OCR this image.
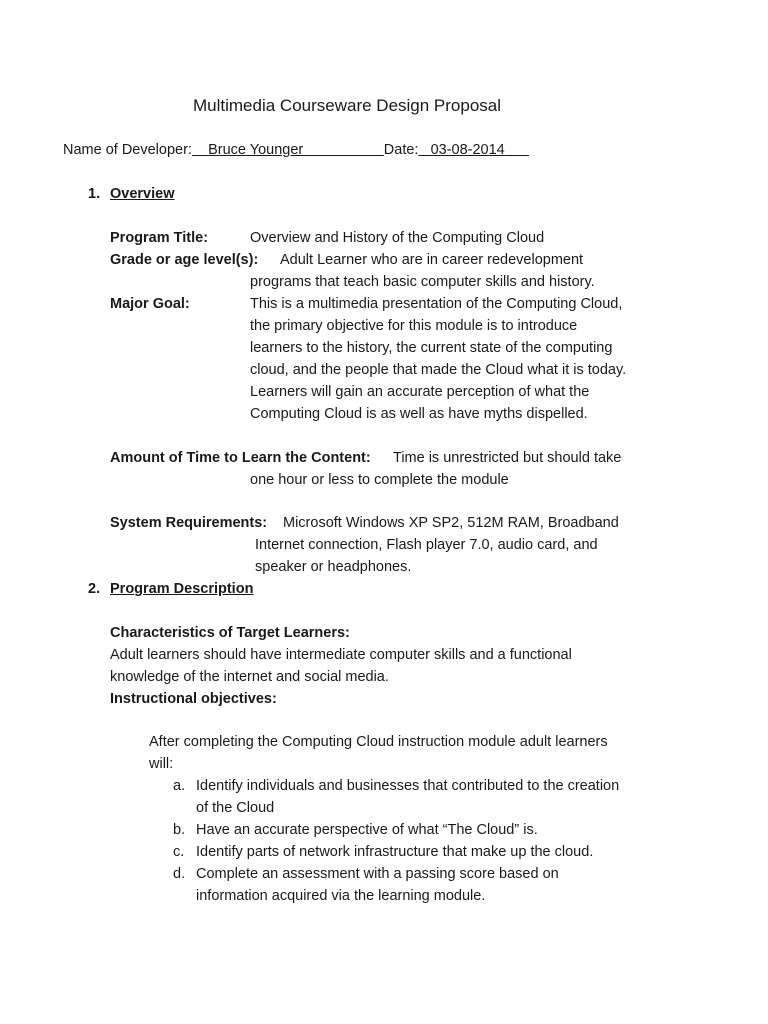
Multimedia Courseware Design Proposal
Name of Developer: Bruce Younger	Date: 03-08-2014
1. Overview
Program Title:	Overview and History of the Computing Cloud
Grade or age level(s): Adult Learner who are in career redevelopment
programs that teach basic computer skills and history.
Major Goal:	This is a multimedia presentation of the Computing Cloud,
the primary objective for this module is to introduce
learners to the history, the current state of the computing
cloud, and the people that made the Cloud what it is today.
Learners will gain an accurate perception of what the
Computing Cloud is as well as have myths dispelled.
Amount of Time to Learn the Content: Time is unrestricted but should take
one hour or less to complete the module
System Requirements: Microsoft Windows XP SP2, 512M RAM, Broadband
Internet connection, Flash player 7.0, audio card, and
speaker or headphones.
2. Program Description
Characteristics of Target Learners:
Adult learners should have intermediate computer skills and a functional
knowledge of the internet and social media.
Instructional objectives:
After completing the Computing Cloud instruction module adult learners
will:
a. Identify individuals and businesses that contributed to the creation
of the Cloud
b. Have an accurate perspective of what “The Cloud” is.
c. Identify parts of network infrastructure that make up the cloud.
d. Complete an assessment with a passing score based on
information acquired via the learning module.
